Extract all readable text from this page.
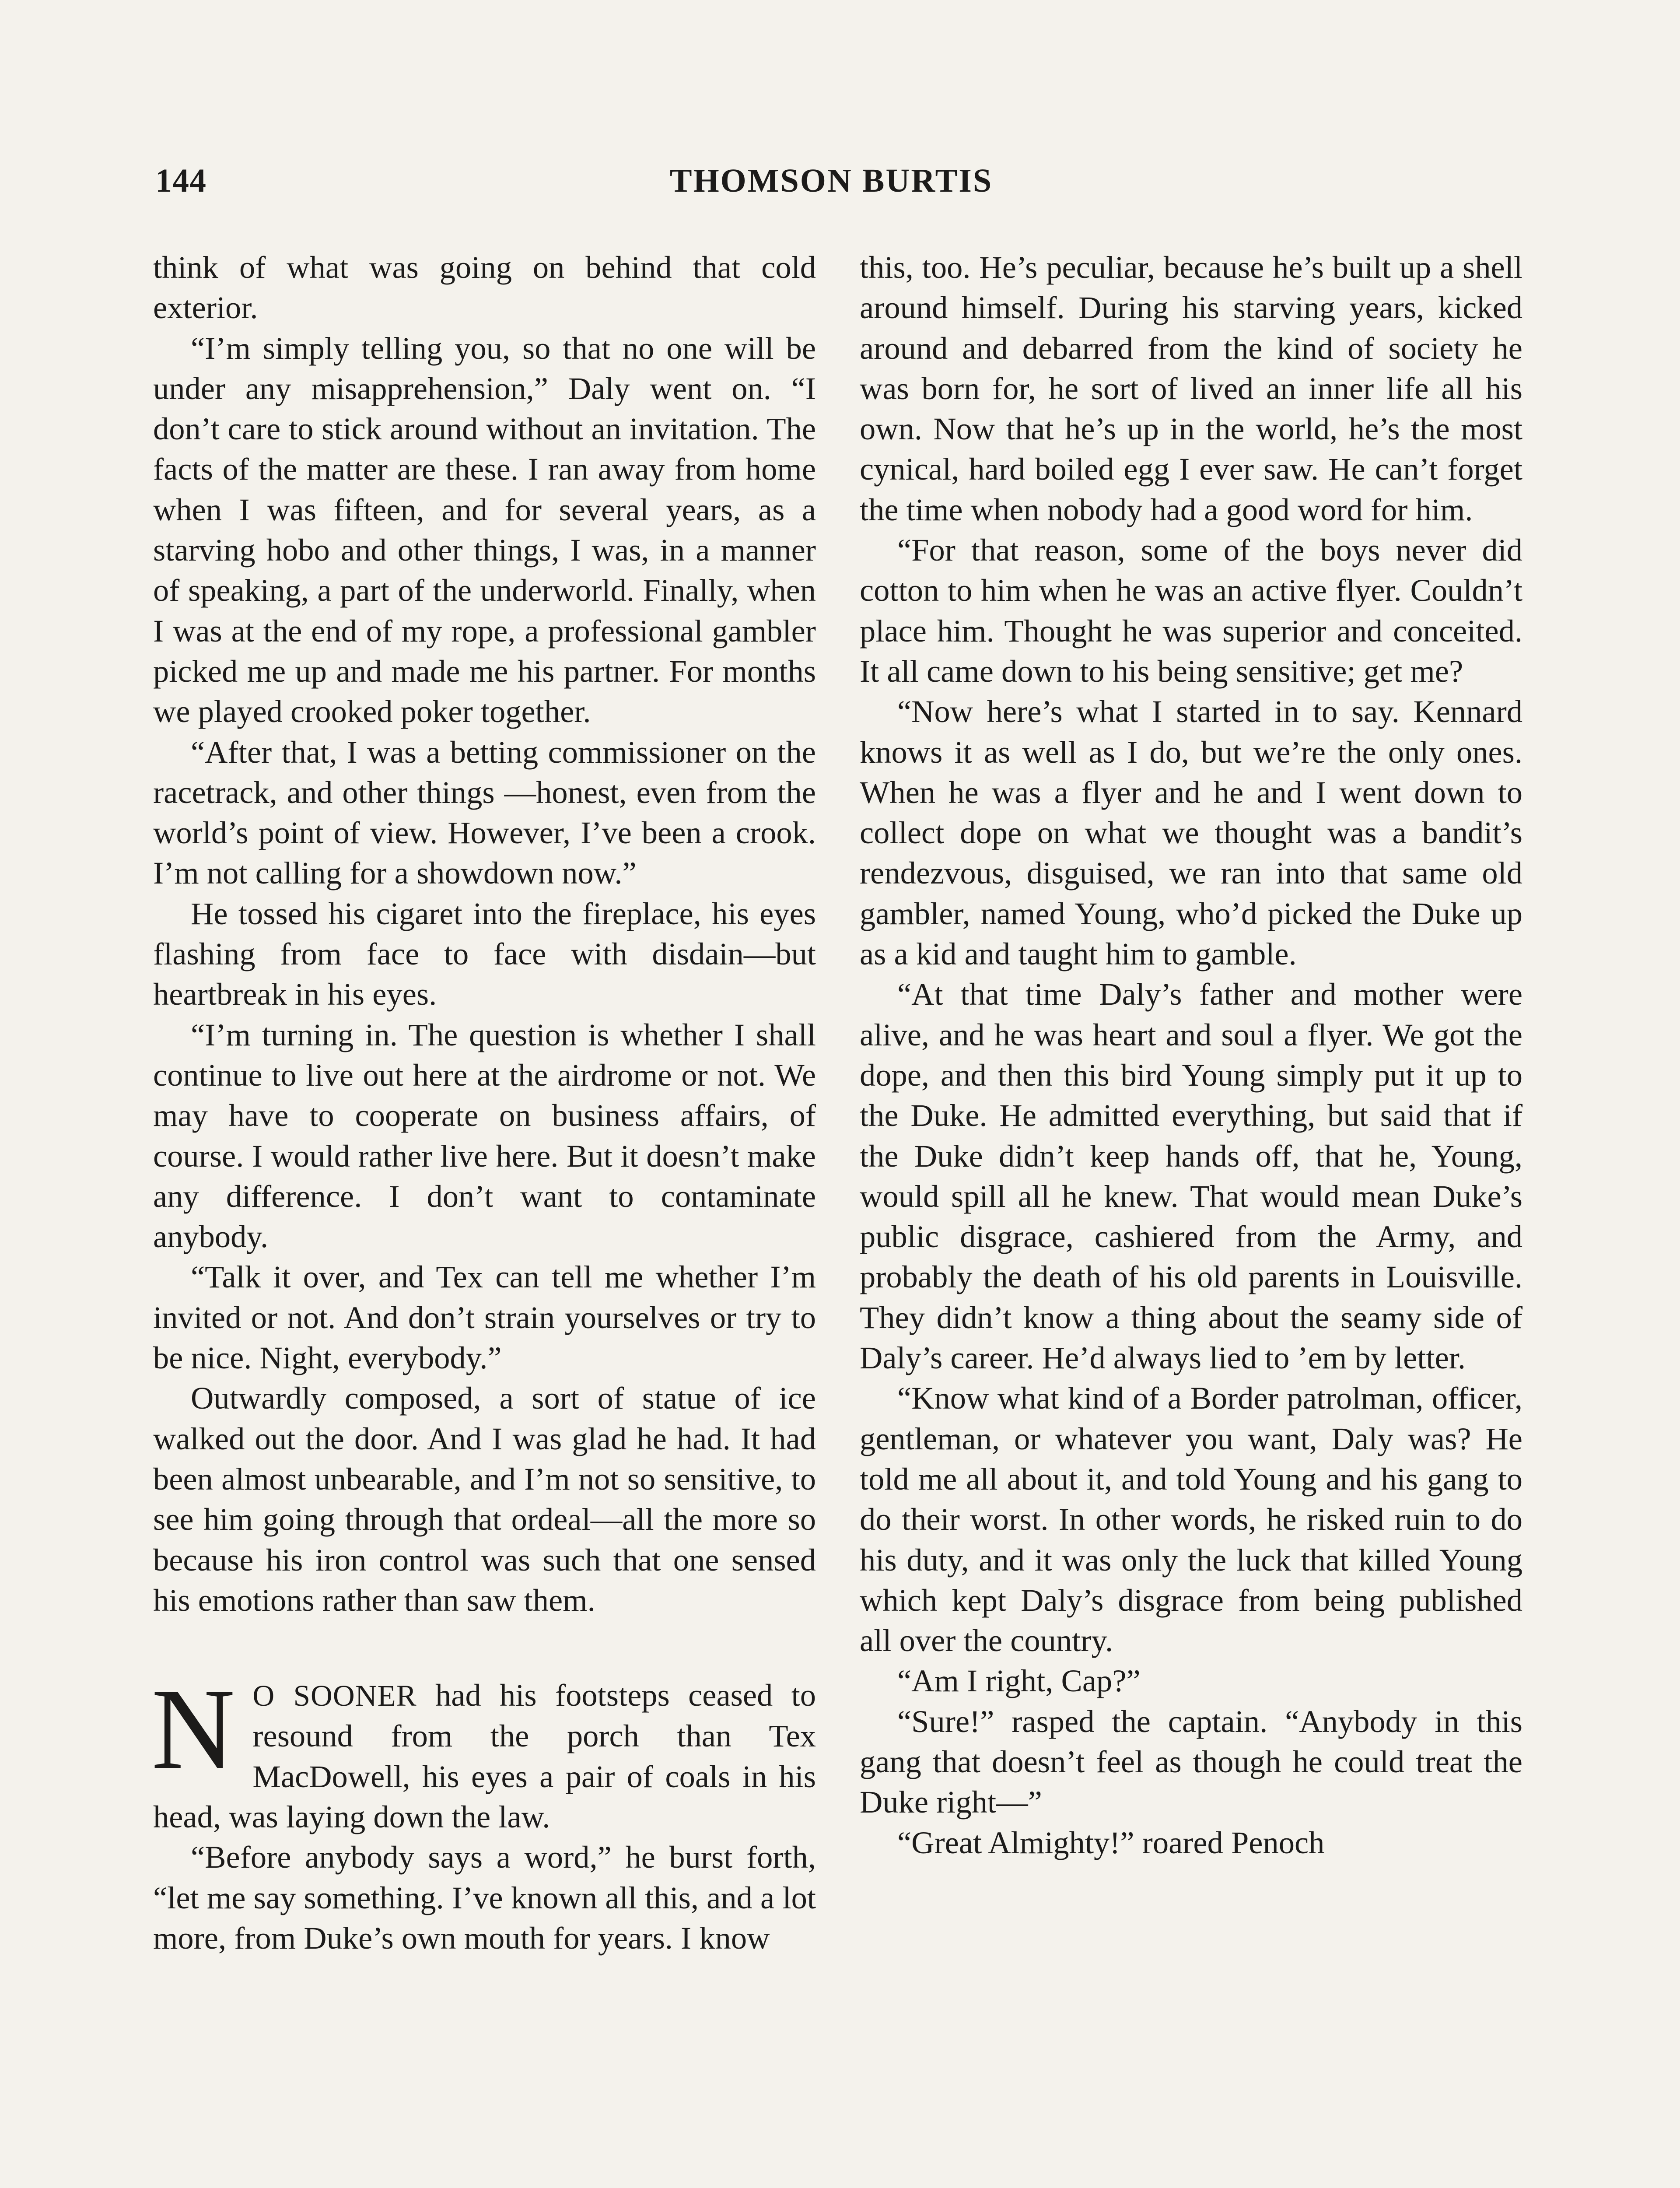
144	THOMSON BURTIS

think of what was going on behind that cold exterior.

“I’m simply telling you, so that no one will be under any misapprehension,” Daly went on. “I don’t care to stick around without an invitation. The facts of the matter are these. I ran away from home when I was fifteen, and for several years, as a starving hobo and other things, I was, in a manner of speaking, a part of the underworld. Finally, when I was at the end of my rope, a professional gambler picked me up and made me his partner. For months we played crooked poker together.

“After that, I was a betting commissioner on the racetrack, and other things —honest, even from the world’s point of view. However, I’ve been a crook. I’m not calling for a showdown now.”

He tossed his cigaret into the fireplace, his eyes flashing from face to face with disdain—but heartbreak in his eyes.

“I’m turning in. The question is whether I shall continue to live out here at the airdrome or not. We may have to cooperate on business affairs, of course. I would rather live here. But it doesn’t make any difference. I don’t want to contaminate anybody.

“Talk it over, and Tex can tell me whether I’m invited or not. And don’t strain yourselves or try to be nice. Night, everybody.”

Outwardly composed, a sort of statue of ice walked out the door. And I was glad he had. It had been almost unbearable, and I’m not so sensitive, to see him going through that ordeal—all the more so because his iron control was such that one sensed his emotions rather than saw them.

N O SOONER had his footsteps ceased to resound from the porch than Tex MacDowell, his eyes a pair of coals in his head, was laying down the law.

“Before anybody says a word,” he burst forth, “let me say something. I’ve known all this, and a lot more, from Duke’s own mouth for years. I know

this, too. He’s peculiar, because he’s built up a shell around himself. During his starving years, kicked around and debarred from the kind of society he was born for, he sort of lived an inner life all his own. Now that he’s up in the world, he’s the most cynical, hard boiled egg I ever saw. He can’t forget the time when nobody had a good word for him.

“For that reason, some of the boys never did cotton to him when he was an active flyer. Couldn’t place him. Thought he was superior and conceited. It all came down to his being sensitive; get me?

“Now here’s what I started in to say. Kennard knows it as well as I do, but we’re the only ones. When he was a flyer and he and I went down to collect dope on what we thought was a bandit’s rendezvous, disguised, we ran into that same old gambler, named Young, who’d picked the Duke up as a kid and taught him to gamble.

“At that time Daly’s father and mother were alive, and he was heart and soul a flyer. We got the dope, and then this bird Young simply put it up to the Duke. He admitted everything, but said that if the Duke didn’t keep hands off, that he, Young, would spill all he knew. That would mean Duke’s public disgrace, cashiered from the Army, and probably the death of his old parents in Louisville. They didn’t know a thing about the seamy side of Daly’s career. He’d always lied to ’em by letter.

“Know what kind of a Border patrolman, officer, gentleman, or whatever you want, Daly was? He told me all about it, and told Young and his gang to do their worst. In other words, he risked ruin to do his duty, and it was only the luck that killed Young which kept Daly’s disgrace from being published all over the country.

“Am I right, Cap?”

“Sure!” rasped the captain. “Anybody in this gang that doesn’t feel as though he could treat the Duke right—”

“Great Almighty!” roared Penoch
